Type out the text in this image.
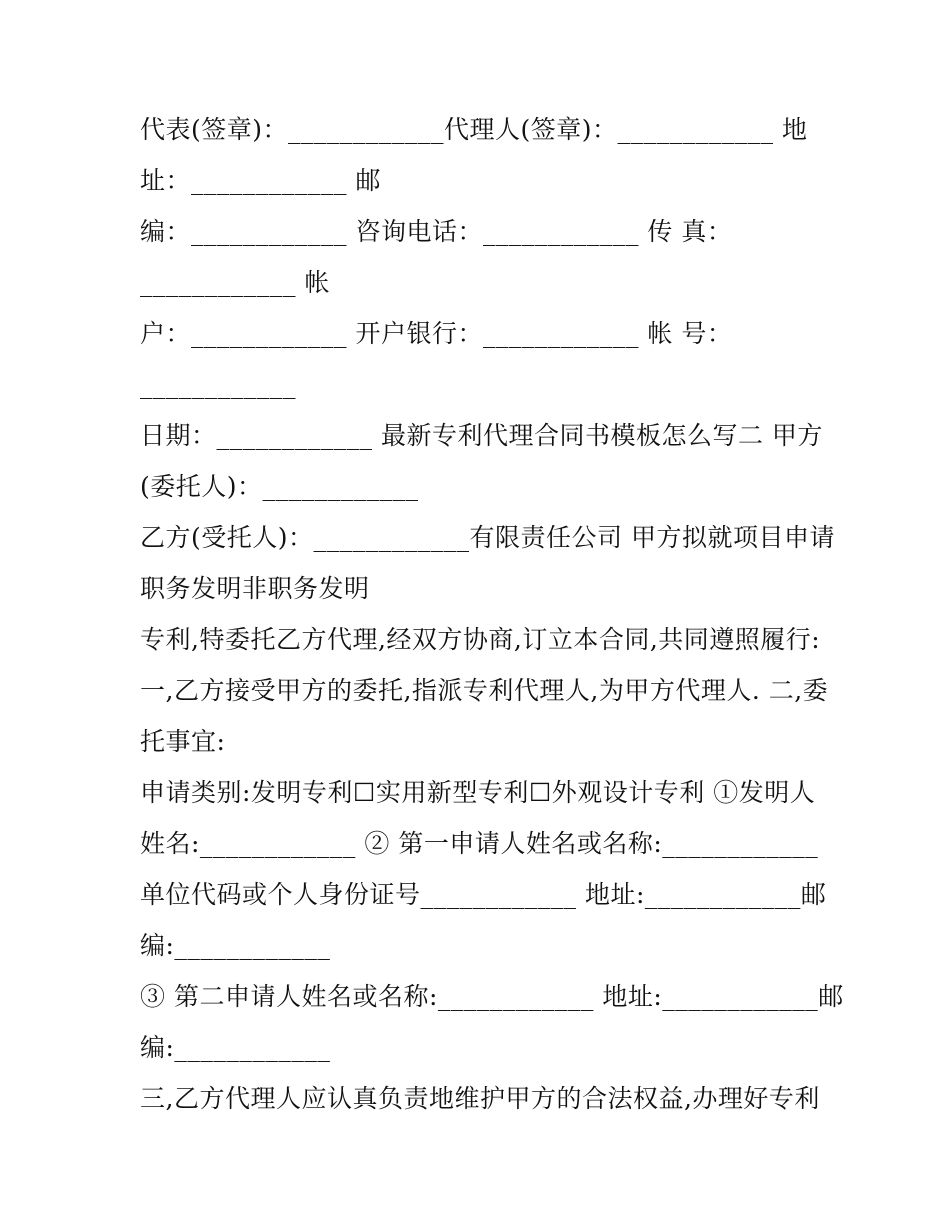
代表(签章)：____________代理人(签章)：____________ 地
址：____________ 邮
编：____________ 咨询电话：____________ 传 真：
____________ 帐
户：____________ 开户银行：____________ 帐 号：
____________
日期：____________ 最新专利代理合同书模板怎么写二 甲方
(委托人)：____________
乙方(受托人)：____________有限责任公司 甲方拟就项目申请
职务发明非职务发明
专利,特委托乙方代理,经双方协商,订立本合同,共同遵照履行:
一,乙方接受甲方的委托,指派专利代理人,为甲方代理人. 二,委
托事宜:
申请类别:发明专利☐实用新型专利☐外观设计专利 ①发明人
姓名:____________ ② 第一申请人姓名或名称:____________
单位代码或个人身份证号____________ 地址:____________邮
编:____________
③ 第二申请人姓名或名称:____________ 地址:____________邮
编:____________
三,乙方代理人应认真负责地维护甲方的合法权益,办理好专利
